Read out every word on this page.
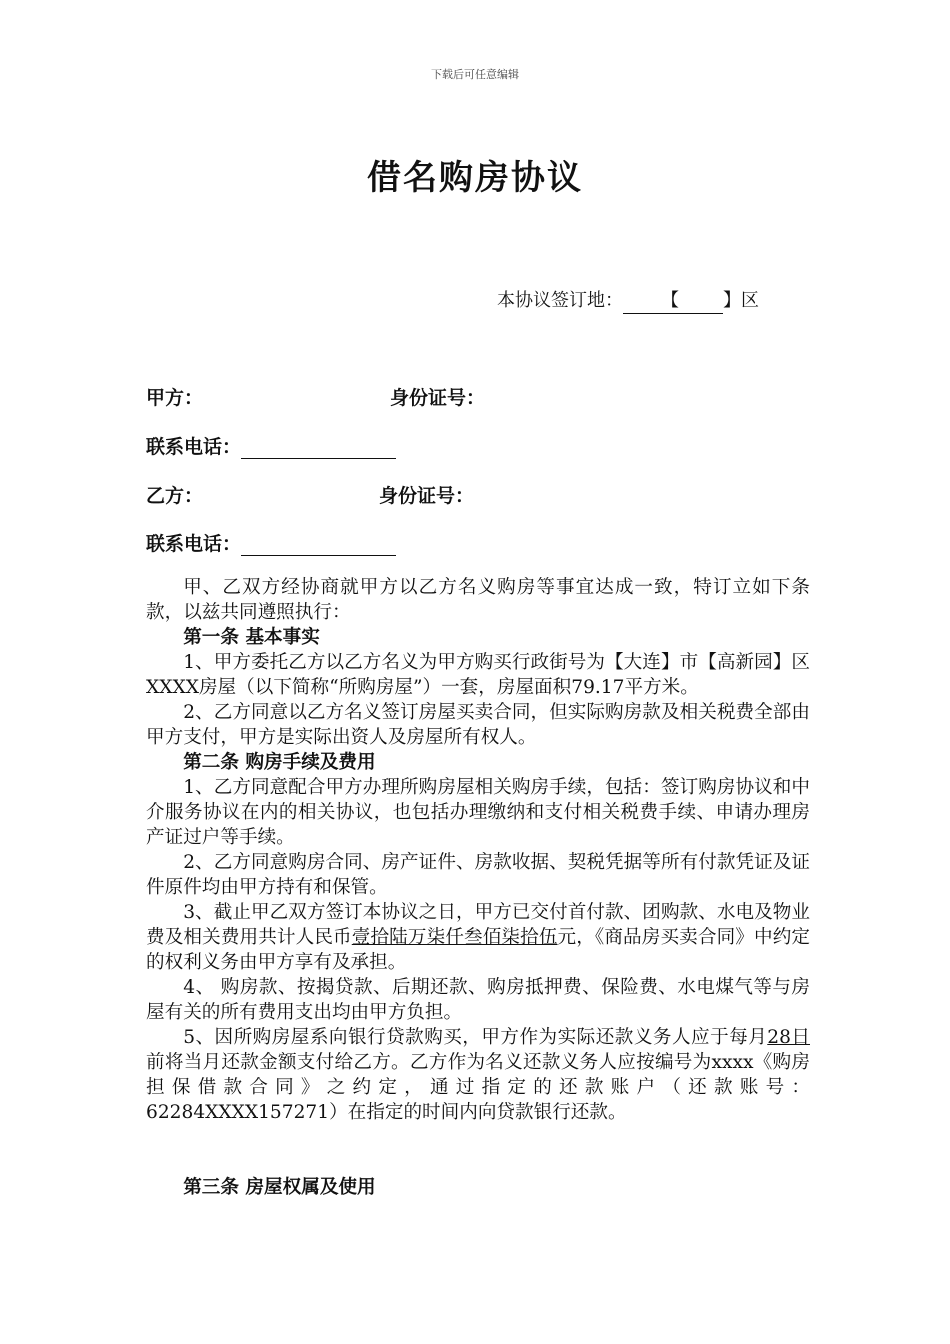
下载后可任意编辑
借名购房协议
本协议签订地： 【 】区
甲方：	身份证号：
联系电话：
乙方：	身份证号：
联系电话：

甲、乙双方经协商就甲方以乙方名义购房等事宜达成一致，特订立如下条款，以兹共同遵照执行：

第一条 基本事实

1、甲方委托乙方以乙方名义为甲方购买行政街号为【大连】市【高新园】区XXXX房屋（以下简称“所购房屋”）一套，房屋面积79.17平方米。

2、乙方同意以乙方名义签订房屋买卖合同，但实际购房款及相关税费全部由甲方支付，甲方是实际出资人及房屋所有权人。

第二条 购房手续及费用

1、乙方同意配合甲方办理所购房屋相关购房手续，包括：签订购房协议和中介服务协议在内的相关协议，也包括办理缴纳和支付相关税费手续、申请办理房产证过户等手续。

2、乙方同意购房合同、房产证件、房款收据、契税凭据等所有付款凭证及证件原件均由甲方持有和保管。

3、截止甲乙双方签订本协议之日，甲方已交付首付款、团购款、水电及物业费及相关费用共计人民币壹拾陆万柒仟叁佰柒拾伍元，《商品房买卖合同》中约定的权利义务由甲方享有及承担。

4、 购房款、按揭贷款、后期还款、购房抵押费、保险费、水电煤气等与房屋有关的所有费用支出均由甲方负担。

5、因所购房屋系向银行贷款购买，甲方作为实际还款义务人应于每月28日前将当月还款金额支付给乙方。乙方作为名义还款义务人应按编号为xxxx《购房担保借款合同》之约定，通过指定的还款账户（还款账号：62284XXXX157271）在指定的时间内向贷款银行还款。

第三条 房屋权属及使用
